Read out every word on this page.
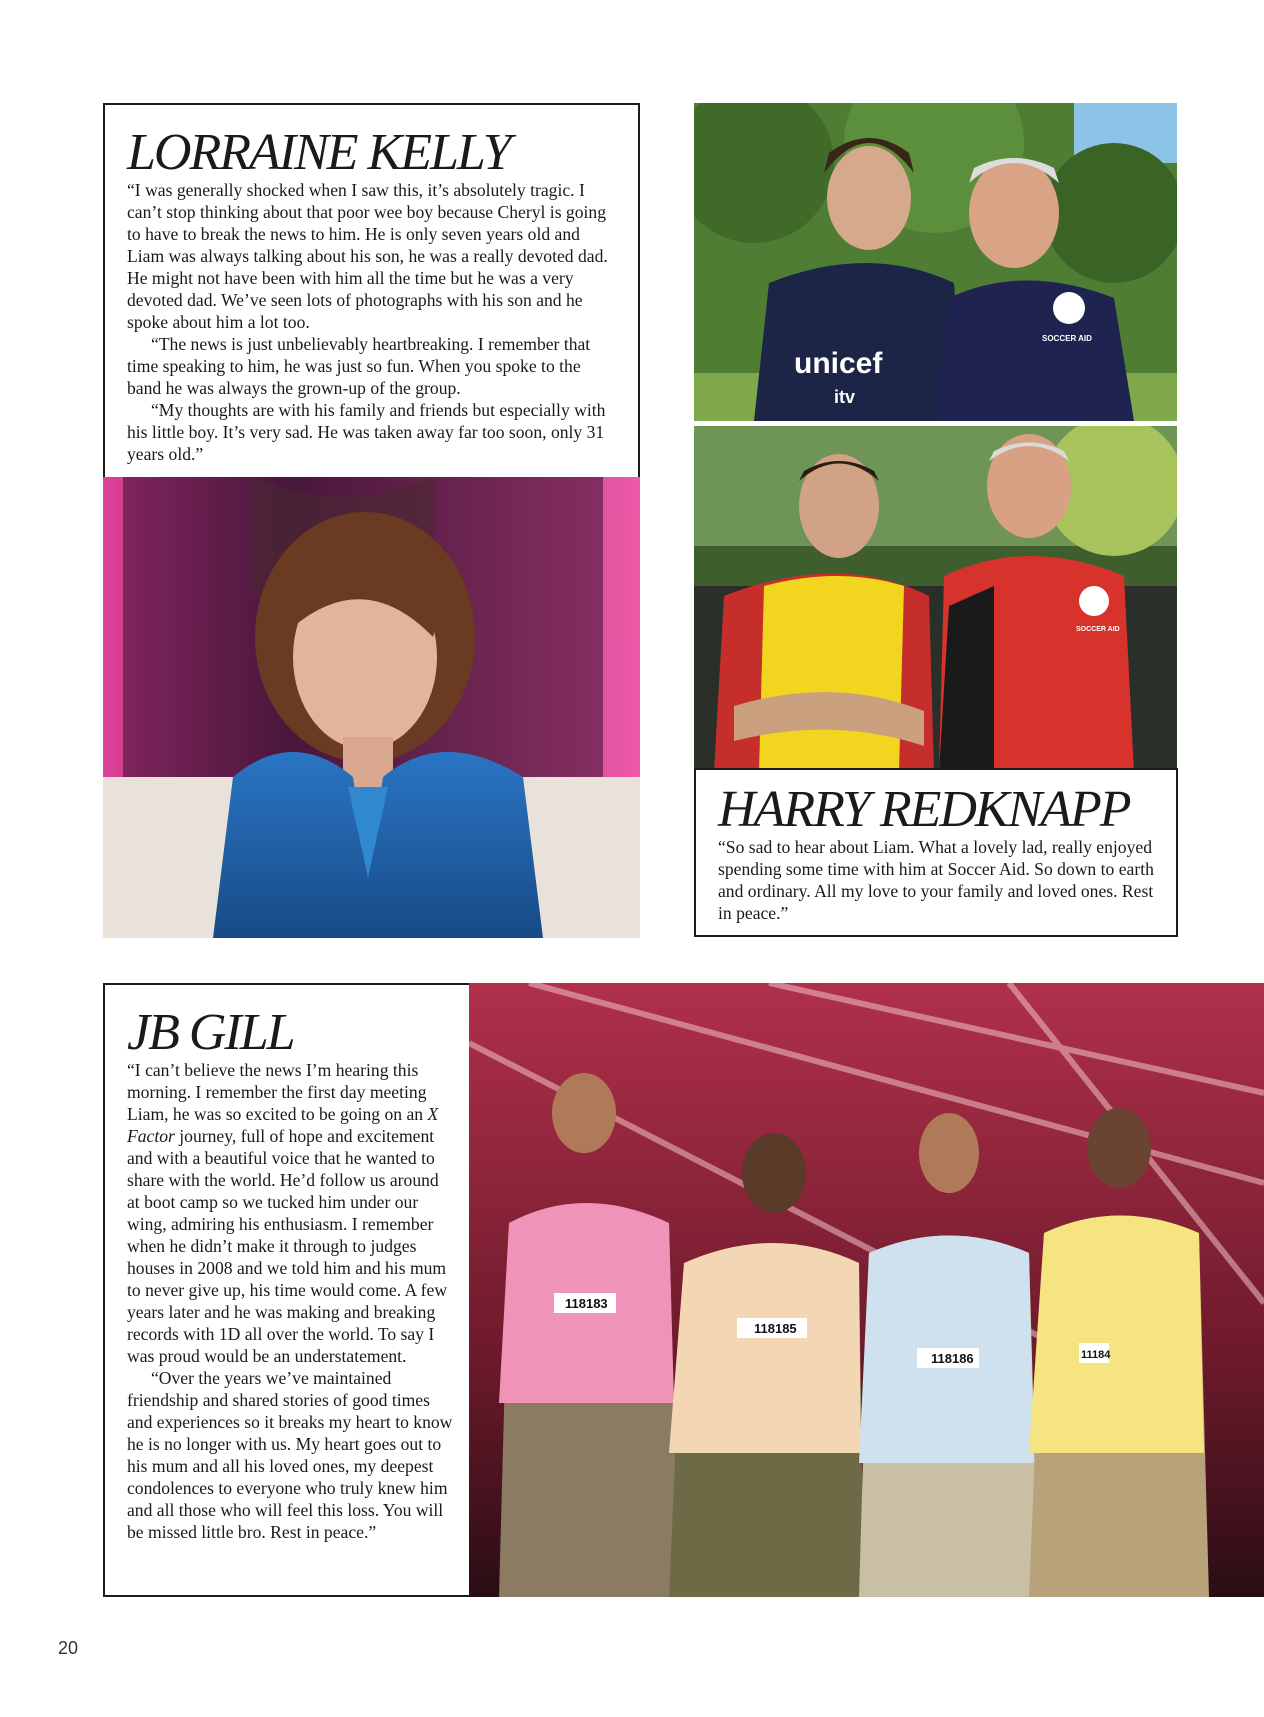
LORRAINE KELLY

“I was generally shocked when I saw this, it’s absolutely tragic. I can’t stop thinking about that poor wee boy because Cheryl is going to have to break the news to him. He is only seven years old and Liam was always talking about his son, he was a really devoted dad. He might not have been with him all the time but he was a very devoted dad. We’ve seen lots of photographs with his son and he spoke about him a lot too.

“The news is just unbelievably heartbreaking. I remember that time speaking to him, he was just so fun. When you spoke to the band he was always the grown-up of the group.

“My thoughts are with his family and friends but especially with his little boy. It’s very sad. He was taken away far too soon, only 31 years old.”

unicef
itv
SOCCER AID
SOCCER AID
HARRY REDKNAPP

“So sad to hear about Liam. What a lovely lad, really enjoyed spending some time with him at Soccer Aid. So down to earth and ordinary. All my love to your family and loved ones. Rest in peace.”

JB GILL

“I can’t believe the news I’m hearing this morning. I remember the first day meeting Liam, he was so excited to be going on an X Factor journey, full of hope and excitement and with a beautiful voice that he wanted to share with the world. He’d follow us around at boot camp so we tucked him under our wing, admiring his enthusiasm. I remember when he didn’t make it through to judges houses in 2008 and we told him and his mum to never give up, his time would come. A few years later and he was making and breaking records with 1D all over the world. To say I was proud would be an understatement.

“Over the years we’ve maintained friendship and shared stories of good times and experiences so it breaks my heart to know he is no longer with us. My heart goes out to his mum and all his loved ones, my deepest condolences to everyone who truly knew him and all those who will feel this loss. You will be missed little bro. Rest in peace.”

118183
118185
118186	11184
20
